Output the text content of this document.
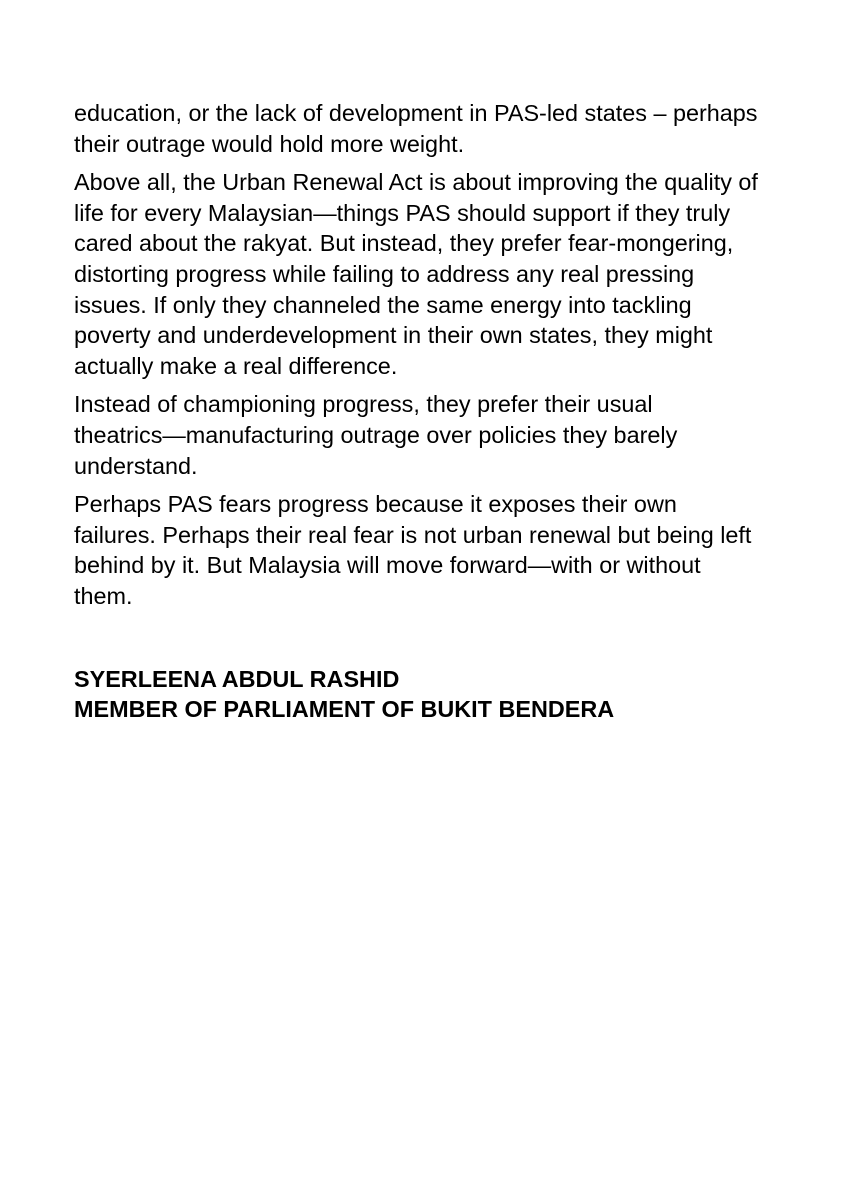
education, or the lack of development in PAS-led states – perhaps
their outrage would hold more weight.

Above all, the Urban Renewal Act is about improving the quality of
life for every Malaysian—things PAS should support if they truly
cared about the rakyat. But instead, they prefer fear-mongering,
distorting progress while failing to address any real pressing
issues. If only they channeled the same energy into tackling
poverty and underdevelopment in their own states, they might
actually make a real difference.

Instead of championing progress, they prefer their usual
theatrics—manufacturing outrage over policies they barely
understand.

Perhaps PAS fears progress because it exposes their own
failures. Perhaps their real fear is not urban renewal but being left
behind by it. But Malaysia will move forward—with or without
them.

SYERLEENA ABDUL RASHID
MEMBER OF PARLIAMENT OF BUKIT BENDERA
